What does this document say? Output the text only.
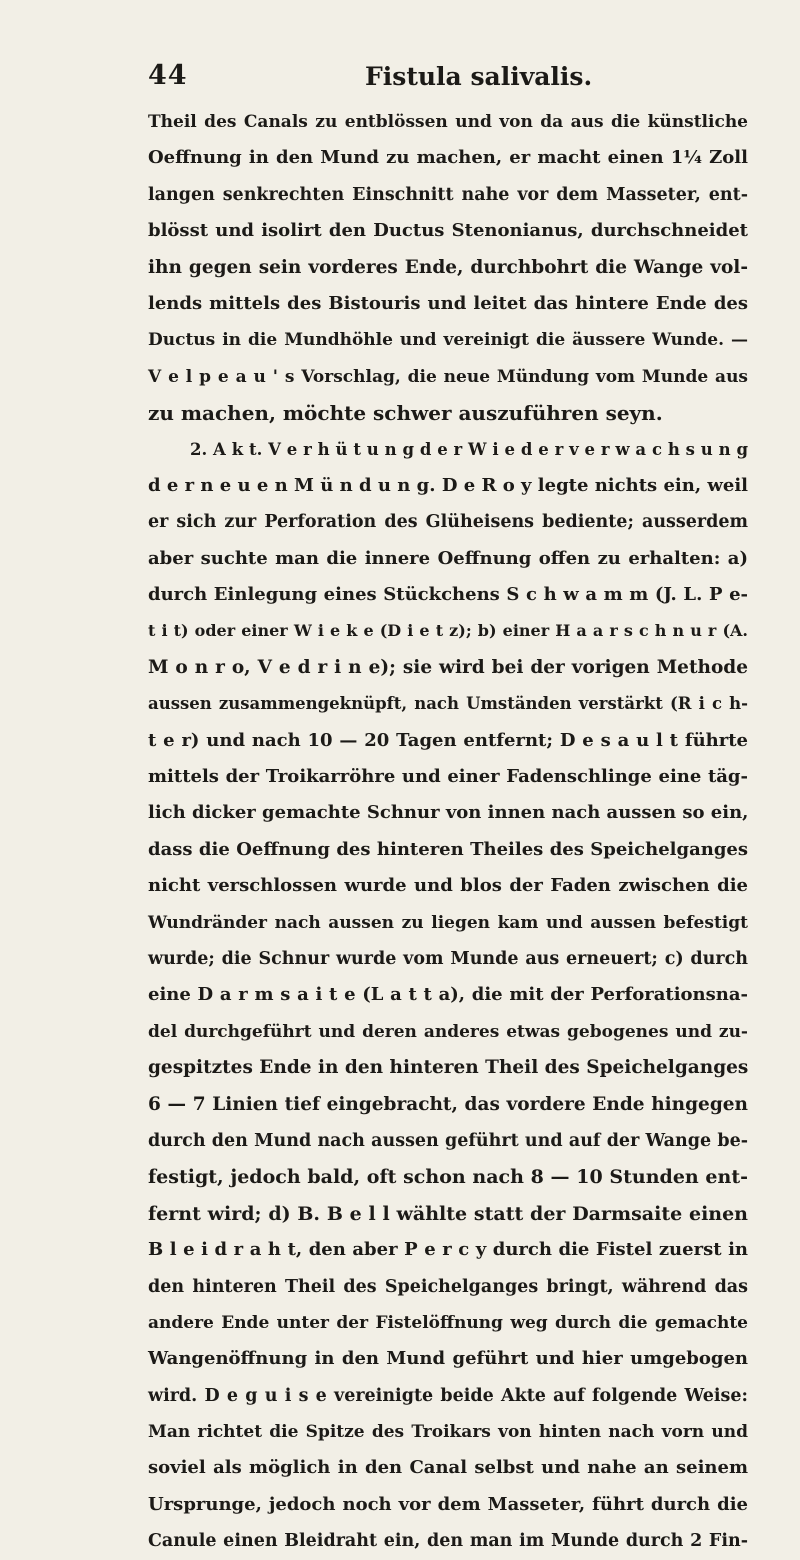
44	Fistula salivalis.
Theil des Canals zu entblössen und von da aus die künstliche
Oeffnung in den Mund zu machen, er macht einen 1¼ Zoll
langen senkrechten Einschnitt nahe vor dem Masseter, ent-
blösst und isolirt den Ductus Stenonianus, durchschneidet
ihn gegen sein vorderes Ende, durchbohrt die Wange vol-
lends mittels des Bistouris und leitet das hintere Ende des
Ductus in die Mundhöhle und vereinigt die äussere Wunde. —
V e l p e a u ' s Vorschlag, die neue Mündung vom Munde aus
zu machen, möchte schwer auszuführen seyn.
2. A k t. V e r h ü t u n g d e r W i e d e r v e r w a c h s u n g
d e r n e u e n M ü n d u n g. D e R o y legte nichts ein, weil
er sich zur Perforation des Glüheisens bediente; ausserdem
aber suchte man die innere Oeffnung offen zu erhalten: a)
durch Einlegung eines Stückchens S c h w a m m (J. L. P e-
t i t) oder einer W i e k e (D i e t z); b) einer H a a r s c h n u r (A.
M o n r o, V e d r i n e); sie wird bei der vorigen Methode
aussen zusammengeknüpft, nach Umständen verstärkt (R i c h-
t e r) und nach 10 — 20 Tagen entfernt; D e s a u l t führte
mittels der Troikarröhre und einer Fadenschlinge eine täg-
lich dicker gemachte Schnur von innen nach aussen so ein,
dass die Oeffnung des hinteren Theiles des Speichelganges
nicht verschlossen wurde und blos der Faden zwischen die
Wundränder nach aussen zu liegen kam und aussen befestigt
wurde; die Schnur wurde vom Munde aus erneuert; c) durch
eine D a r m s a i t e (L a t t a), die mit der Perforationsna-
del durchgeführt und deren anderes etwas gebogenes und zu-
gespitztes Ende in den hinteren Theil des Speichelganges
6 — 7 Linien tief eingebracht, das vordere Ende hingegen
durch den Mund nach aussen geführt und auf der Wange be-
festigt, jedoch bald, oft schon nach 8 — 10 Stunden ent-
fernt wird; d) B. B e l l wählte statt der Darmsaite einen
B l e i d r a h t, den aber P e r c y durch die Fistel zuerst in
den hinteren Theil des Speichelganges bringt, während das
andere Ende unter der Fistelöffnung weg durch die gemachte
Wangenöffnung in den Mund geführt und hier umgebogen
wird. D e g u i s e vereinigte beide Akte auf folgende Weise:
Man richtet die Spitze des Troikars von hinten nach vorn und
soviel als möglich in den Canal selbst und nahe an seinem
Ursprunge, jedoch noch vor dem Masseter, führt durch die
Canule einen Bleidraht ein, den man im Munde durch 2 Fin-
